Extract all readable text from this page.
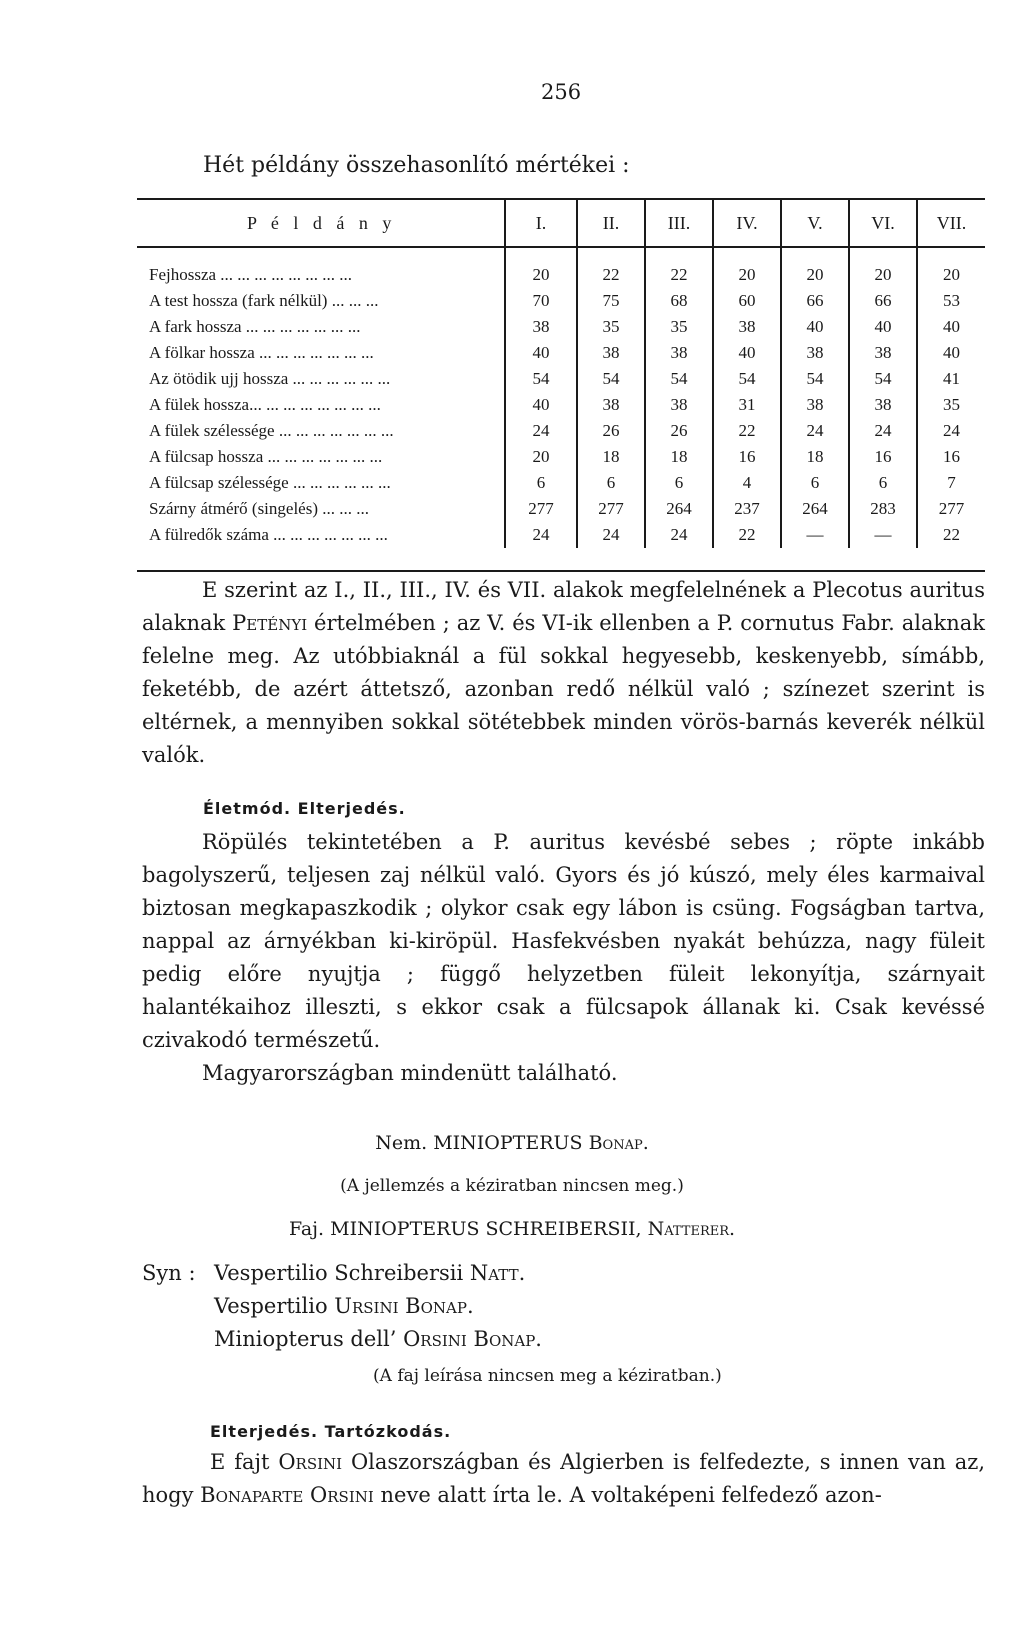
256
Hét példány összehasonlító mértékei :
P é l d á n y	I.	II.	III.	IV.	V.	VI.	VII.
Fejhossza ... ... ... ... ... ... ... ...	20	22	22	20	20	20	20
A test hossza (fark nélkül) ... ... ...	70	75	68	60	66	66	53
A fark hossza ... ... ... ... ... ... ...	38	35	35	38	40	40	40
A fölkar hossza ... ... ... ... ... ... ...	40	38	38	40	38	38	40
Az ötödik ujj hossza ... ... ... ... ... ...	54	54	54	54	54	54	41
A fülek hossza... ... ... ... ... ... ... ...	40	38	38	31	38	38	35
A fülek szélessége ... ... ... ... ... ... ...	24	26	26	22	24	24	24
A fülcsap hossza ... ... ... ... ... ... ...	20	18	18	16	18	16	16
A fülcsap szélessége ... ... ... ... ... ...	6	6	6	4	6	6	7
Szárny átmérő (singelés) ... ... ...	277	277	264	237	264	283	277
A fülredők száma ... ... ... ... ... ... ...	24	24	24	22	—	—	22
E szerint az I., II., III., IV. és VII. alakok megfelelnének a Plecotus auritus alaknak Petényi értelmében ; az V. és VI-ik ellenben a P. cornutus Fabr. alaknak felelne meg. Az utóbbiaknál a fül sokkal hegyesebb, keskenyebb, símább, feketébb, de azért áttetsző, azonban redő nélkül való ; színezet szerint is eltérnek, a mennyiben sokkal sötétebbek minden vörös-barnás keverék nélkül valók.
Életmód. Elterjedés.
Röpülés tekintetében a P. auritus kevésbé sebes ; röpte inkább bagolyszerű, teljesen zaj nélkül való. Gyors és jó kúszó, mely éles karmaival biztosan megkapaszkodik ; olykor csak egy lábon is csüng. Fogságban tartva, nappal az árnyékban ki-kiröpül. Hasfekvésben nyakát behúzza, nagy füleit pedig előre nyujtja ; függő helyzetben füleit lekonyítja, szárnyait halantékaihoz illeszti, s ekkor csak a fülcsapok állanak ki. Csak kevéssé czivakodó természetű.
Magyarországban mindenütt található.
Nem. MINIOPTERUS Bonap.
(A jellemzés a kéziratban nincsen meg.)
Faj. MINIOPTERUS SCHREIBERSII, Natterer.
Syn : Vespertilio Schreibersii Natt.
Vespertilio Ursini Bonap.
Miniopterus dell’ Orsini Bonap.
(A faj leírása nincsen meg a kéziratban.)
Elterjedés. Tartózkodás.
E fajt Orsini Olaszországban és Algierben is felfedezte, s innen van az, hogy Bonaparte Orsini neve alatt írta le. A voltaképeni felfedező azon-
